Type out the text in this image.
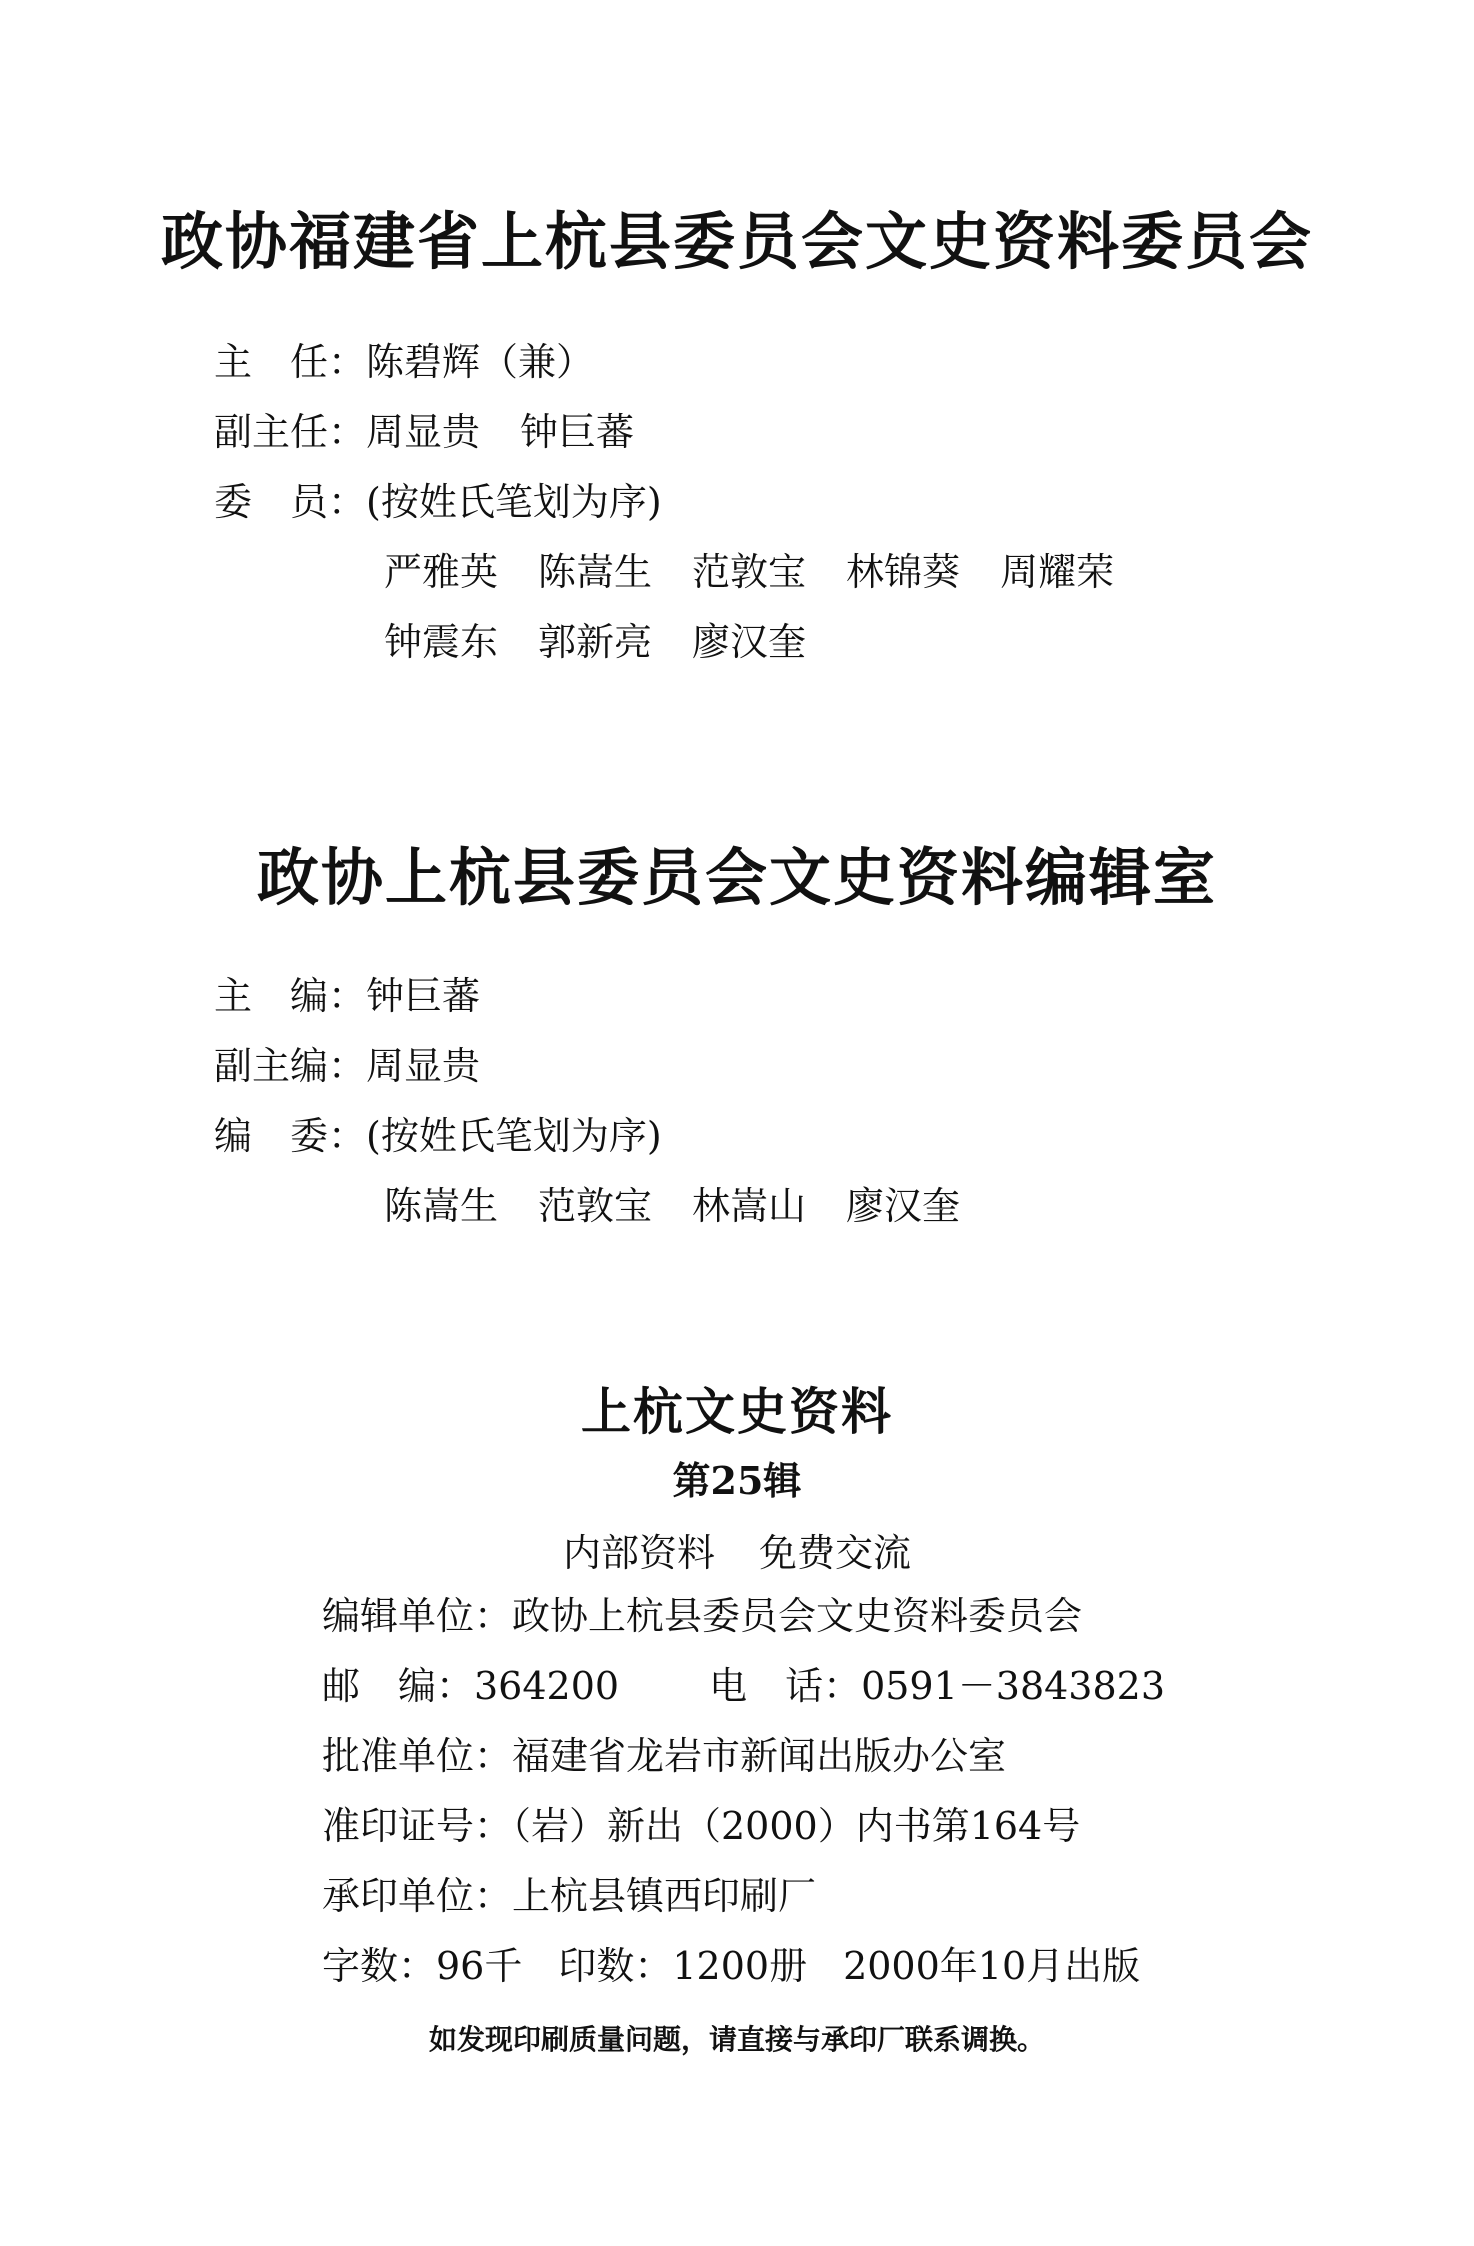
政协福建省上杭县委员会文史资料委员会
主　任：陈碧辉（兼）
副主任：周显贵 钟巨蕃
委　员：(按姓氏笔划为序)
严雅英 陈嵩生 范敦宝 林锦葵 周耀荣
钟震东 郭新亮 廖汉奎
政协上杭县委员会文史资料编辑室
主　编：钟巨蕃
副主编：周显贵
编　委：(按姓氏笔划为序)
陈嵩生 范敦宝 林嵩山 廖汉奎
上杭文史资料
第25辑
内部资料 免费交流
编辑单位：政协上杭县委员会文史资料委员会
邮　编：364200 电　话：0591－3843823
批准单位：福建省龙岩市新闻出版办公室
准印证号：（岩）新出（2000）内书第164号
承印单位：上杭县镇西印刷厂
字数：96千 印数：1200册 2000年10月出版
如发现印刷质量问题，请直接与承印厂联系调换。
